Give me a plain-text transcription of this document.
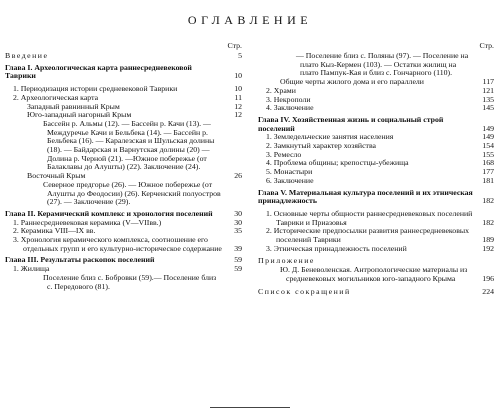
ОГЛАВЛЕНИЕ
Стр.
Введение	5
Глава I. Археологическая карта раннесредневековой Таврики	10
1. Периодизация истории средневековой Таврики	10
2. Археологическая карта	11
Западный равнинный Крым	12
Юго-западный нагорный Крым	12
Бассейн р. Альмы (12). — Бассейн р. Качи (13). — Междуречье Качи и Бельбека (14). — Бассейн р. Бельбека (16). — Каралезская и Шульская долины (18). — Байдарская и Варнутская долины (20) —Долина р. Черной (21). —Южное побережье (от Балаклавы до Алушты) (22). Заключение (24).
Восточный Крым	26
Северное предгорье (26). — Южное побережье (от Алушты до Феодосии) (26). Керченский полуостров (27). — Заключение (29).
Глава II. Керамический комплекс и хронология поселений	30
1. Раннесредневековая керамика (V—VIIвв.)	30
2. Керамика VIII—IX вв.	35
3. Хронология керамического комплекса, соотношение его отдельных групп и его культурно-историческое содержание 39
Глава III. Результаты раскопок поселений	59
1. Жилища	59
Поселение близ с. Бобровки (59).— Поселение близ с. Передового (81).
Стр.
— Поселение близ с. Поляны (97). — Поселение на плато Кыз-Кермен (103). — Остатки жилищ на плато Пампук-Кая и близ с. Гончарного (110).
Общие черты жилого дома и его параллели	117
2. Храми	121
3. Некрополи	135
4. Заключение	145
Глава IV. Хозяйственная жизнь и социальный строй поселений	149
1. Земледельческие занятия населения	149
2. Замкнутый характер хозяйства	154
3. Ремесло	155
4. Проблема общины; крепостцы-убежища	168
5. Монастыри	177
6. Заключение	181
Глава V. Материальная культура поселений и их этническая принадлежность	182
1. Основные черты общности раннесредневековых поселений Таврики и Приазовья	182
2. Исторические предпосылки развития раннесредневековых поселений Таврики	189
3. Этническая принадлежность поселений	192
Приложение
Ю. Д. Беневоленская. Антропологические материалы из средневековых могильников юго-западного Крыма	196
Список сокращений	224
